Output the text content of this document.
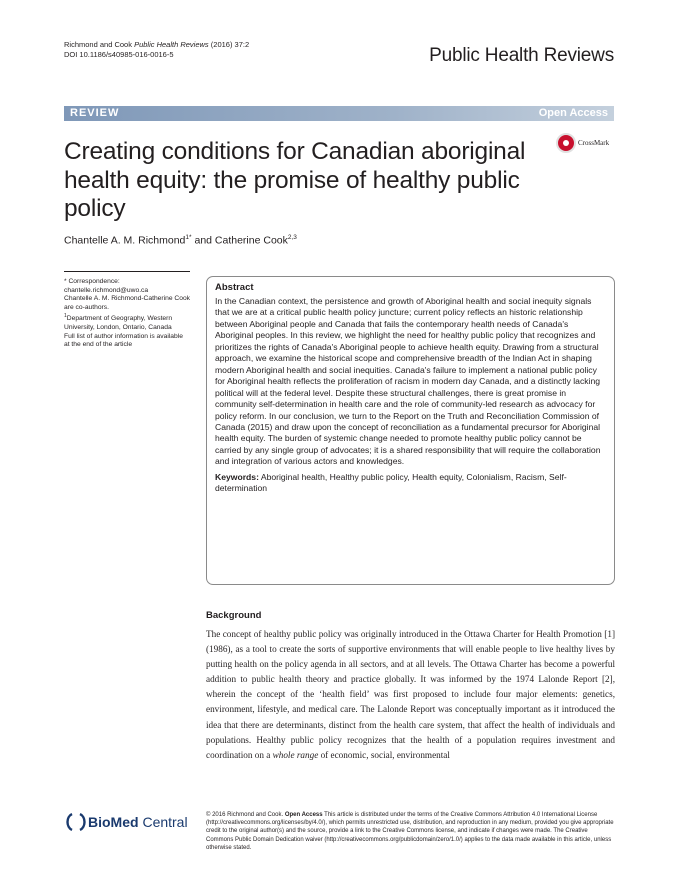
Richmond and Cook Public Health Reviews (2016) 37:2
DOI 10.1186/s40985-016-0016-5	Public Health Reviews
REVIEW	Open Access
CrossMark
Creating conditions for Canadian aboriginal health equity: the promise of healthy public policy
Chantelle A. M. Richmond$^{1*}$ and Catherine Cook$^{2,3}$
* Correspondence:
chantelle.richmond@uwo.ca
Chantelle A. M. Richmond-Catherine Cook are co-authors.
$^1$Department of Geography, Western University, London, Ontario, Canada
Full list of author information is available at the end of the article
Abstract

In the Canadian context, the persistence and growth of Aboriginal health and social inequity signals that we are at a critical public health policy juncture; current policy reflects an historic relationship between Aboriginal people and Canada that fails the contemporary health needs of Canada's Aboriginal peoples. In this review, we highlight the need for healthy public policy that recognizes and prioritizes the rights of Canada's Aboriginal people to achieve health equity. Drawing from a structural approach, we examine the historical scope and comprehensive breadth of the Indian Act in shaping modern Aboriginal health and social inequities. Canada's failure to implement a national public policy for Aboriginal health reflects the proliferation of racism in modern day Canada, and a distinctly lacking political will at the federal level. Despite these structural challenges, there is great promise in community self-determination in health care and the role of community-led research as advocacy for policy reform. In our conclusion, we turn to the Report on the Truth and Reconciliation Commission of Canada (2015) and draw upon the concept of reconciliation as a fundamental precursor for Aboriginal health equity. The burden of systemic change needed to promote healthy public policy cannot be carried by any single group of advocates; it is a shared responsibility that will require the collaboration and integration of various actors and knowledges.

Keywords: Aboriginal health, Healthy public policy, Health equity, Colonialism, Racism, Self-determination

Background

The concept of healthy public policy was originally introduced in the Ottawa Charter for Health Promotion [1] (1986), as a tool to create the sorts of supportive environments that will enable people to live healthy lives by putting health on the policy agenda in all sectors, and at all levels. The Ottawa Charter has become a powerful addition to public health theory and practice globally. It was informed by the 1974 Lalonde Report [2], wherein the concept of the ‘health field’ was first proposed to include four major elements: genetics, environment, lifestyle, and medical care. The Lalonde Report was conceptually important as it introduced the idea that there are determinants, distinct from the health care system, that affect the health of individuals and populations. Healthy public policy recognizes that the health of a population requires investment and coordination on a whole range of economic, social, environmental

BioMed Central	© 2016 Richmond and Cook. Open Access This article is distributed under the terms of the Creative Commons Attribution 4.0 International License (http://creativecommons.org/licenses/by/4.0/), which permits unrestricted use, distribution, and reproduction in any medium, provided you give appropriate credit to the original author(s) and the source, provide a link to the Creative Commons license, and indicate if changes were made. The Creative Commons Public Domain Dedication waiver (http://creativecommons.org/publicdomain/zero/1.0/) applies to the data made available in this article, unless otherwise stated.
